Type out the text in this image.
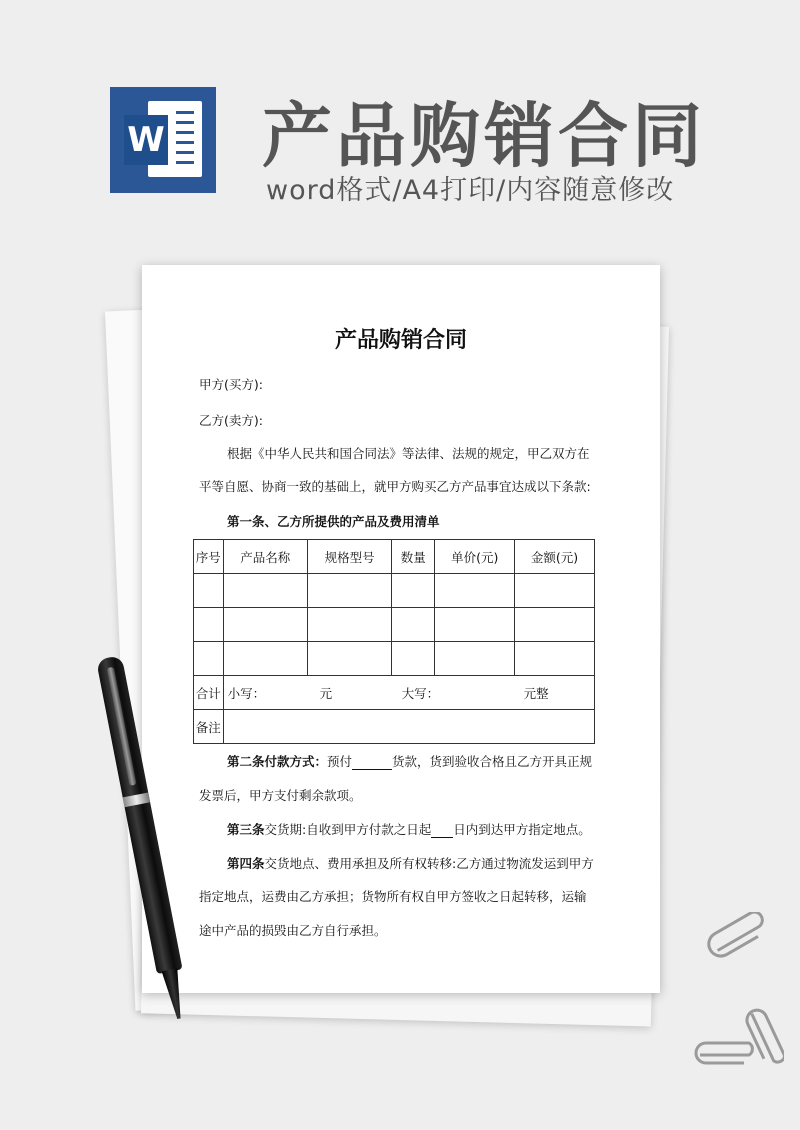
W 产品购销合同
word格式/A4打印/内容随意修改
产品购销合同
甲方(买方):
乙方(卖方):
根据《中华人民共和国合同法》等法律、法规的规定，甲乙双方在
平等自愿、协商一致的基础上，就甲方购买乙方产品事宜达成以下条款:
第一条、乙方所提供的产品及费用清单
序号	产品名称	规格型号	数量	单价(元)	金额(元)

合计	小写： 元 大写： 元整				
备注					
第二条付款方式：预付	货款，货到验收合格且乙方开具正规
发票后，甲方支付剩余款项。
第三条交货期:自收到甲方付款之日起 日内到达甲方指定地点。
第四条交货地点、费用承担及所有权转移:乙方通过物流发运到甲方
指定地点，运费由乙方承担；货物所有权自甲方签收之日起转移，运输
途中产品的损毁由乙方自行承担。
